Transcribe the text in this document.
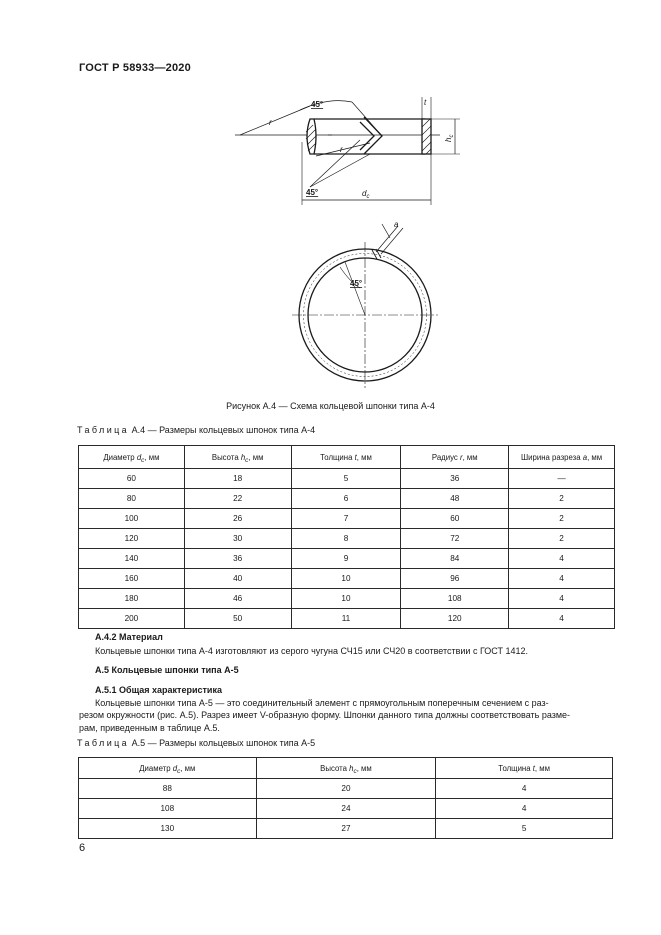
ГОСТ Р 58933—2020
r
45°
r
45°	$d_c$
t
$h_c$
a
45°
Рисунок А.4 — Схема кольцевой шпонки типа А-4
Таблица А.4 — Размеры кольцевых шпонок типа А-4
Диаметр $d_c$, мм	Высота $h_c$, мм	Толщина t, мм	Радиус r, мм	Ширина разреза a, мм
60	18	5	36	—
80	22	6	48	2
100	26	7	60	2
120	30	8	72	2
140	36	9	84	4
160	40	10	96	4
180	46	10	108	4
200	50	11	120	4
А.4.2 Материал
Кольцевые шпонки типа А-4 изготовляют из серого чугуна СЧ15 или СЧ20 в соответствии с ГОСТ 1412.
А.5 Кольцевые шпонки типа А-5
А.5.1 Общая характеристика
Кольцевые шпонки типа А-5 — это соединительный элемент с прямоугольным поперечным сечением с раз-
резом окружности (рис. А.5). Разрез имеет V-образную форму. Шпонки данного типа должны соответствовать разме-
рам, приведенным в таблице А.5.
Таблица А.5 — Размеры кольцевых шпонок типа А-5
Диаметр $d_c$, мм	Высота $h_c$, мм	Толщина t, мм
88	20	4
108	24	4
130	27	5
6
